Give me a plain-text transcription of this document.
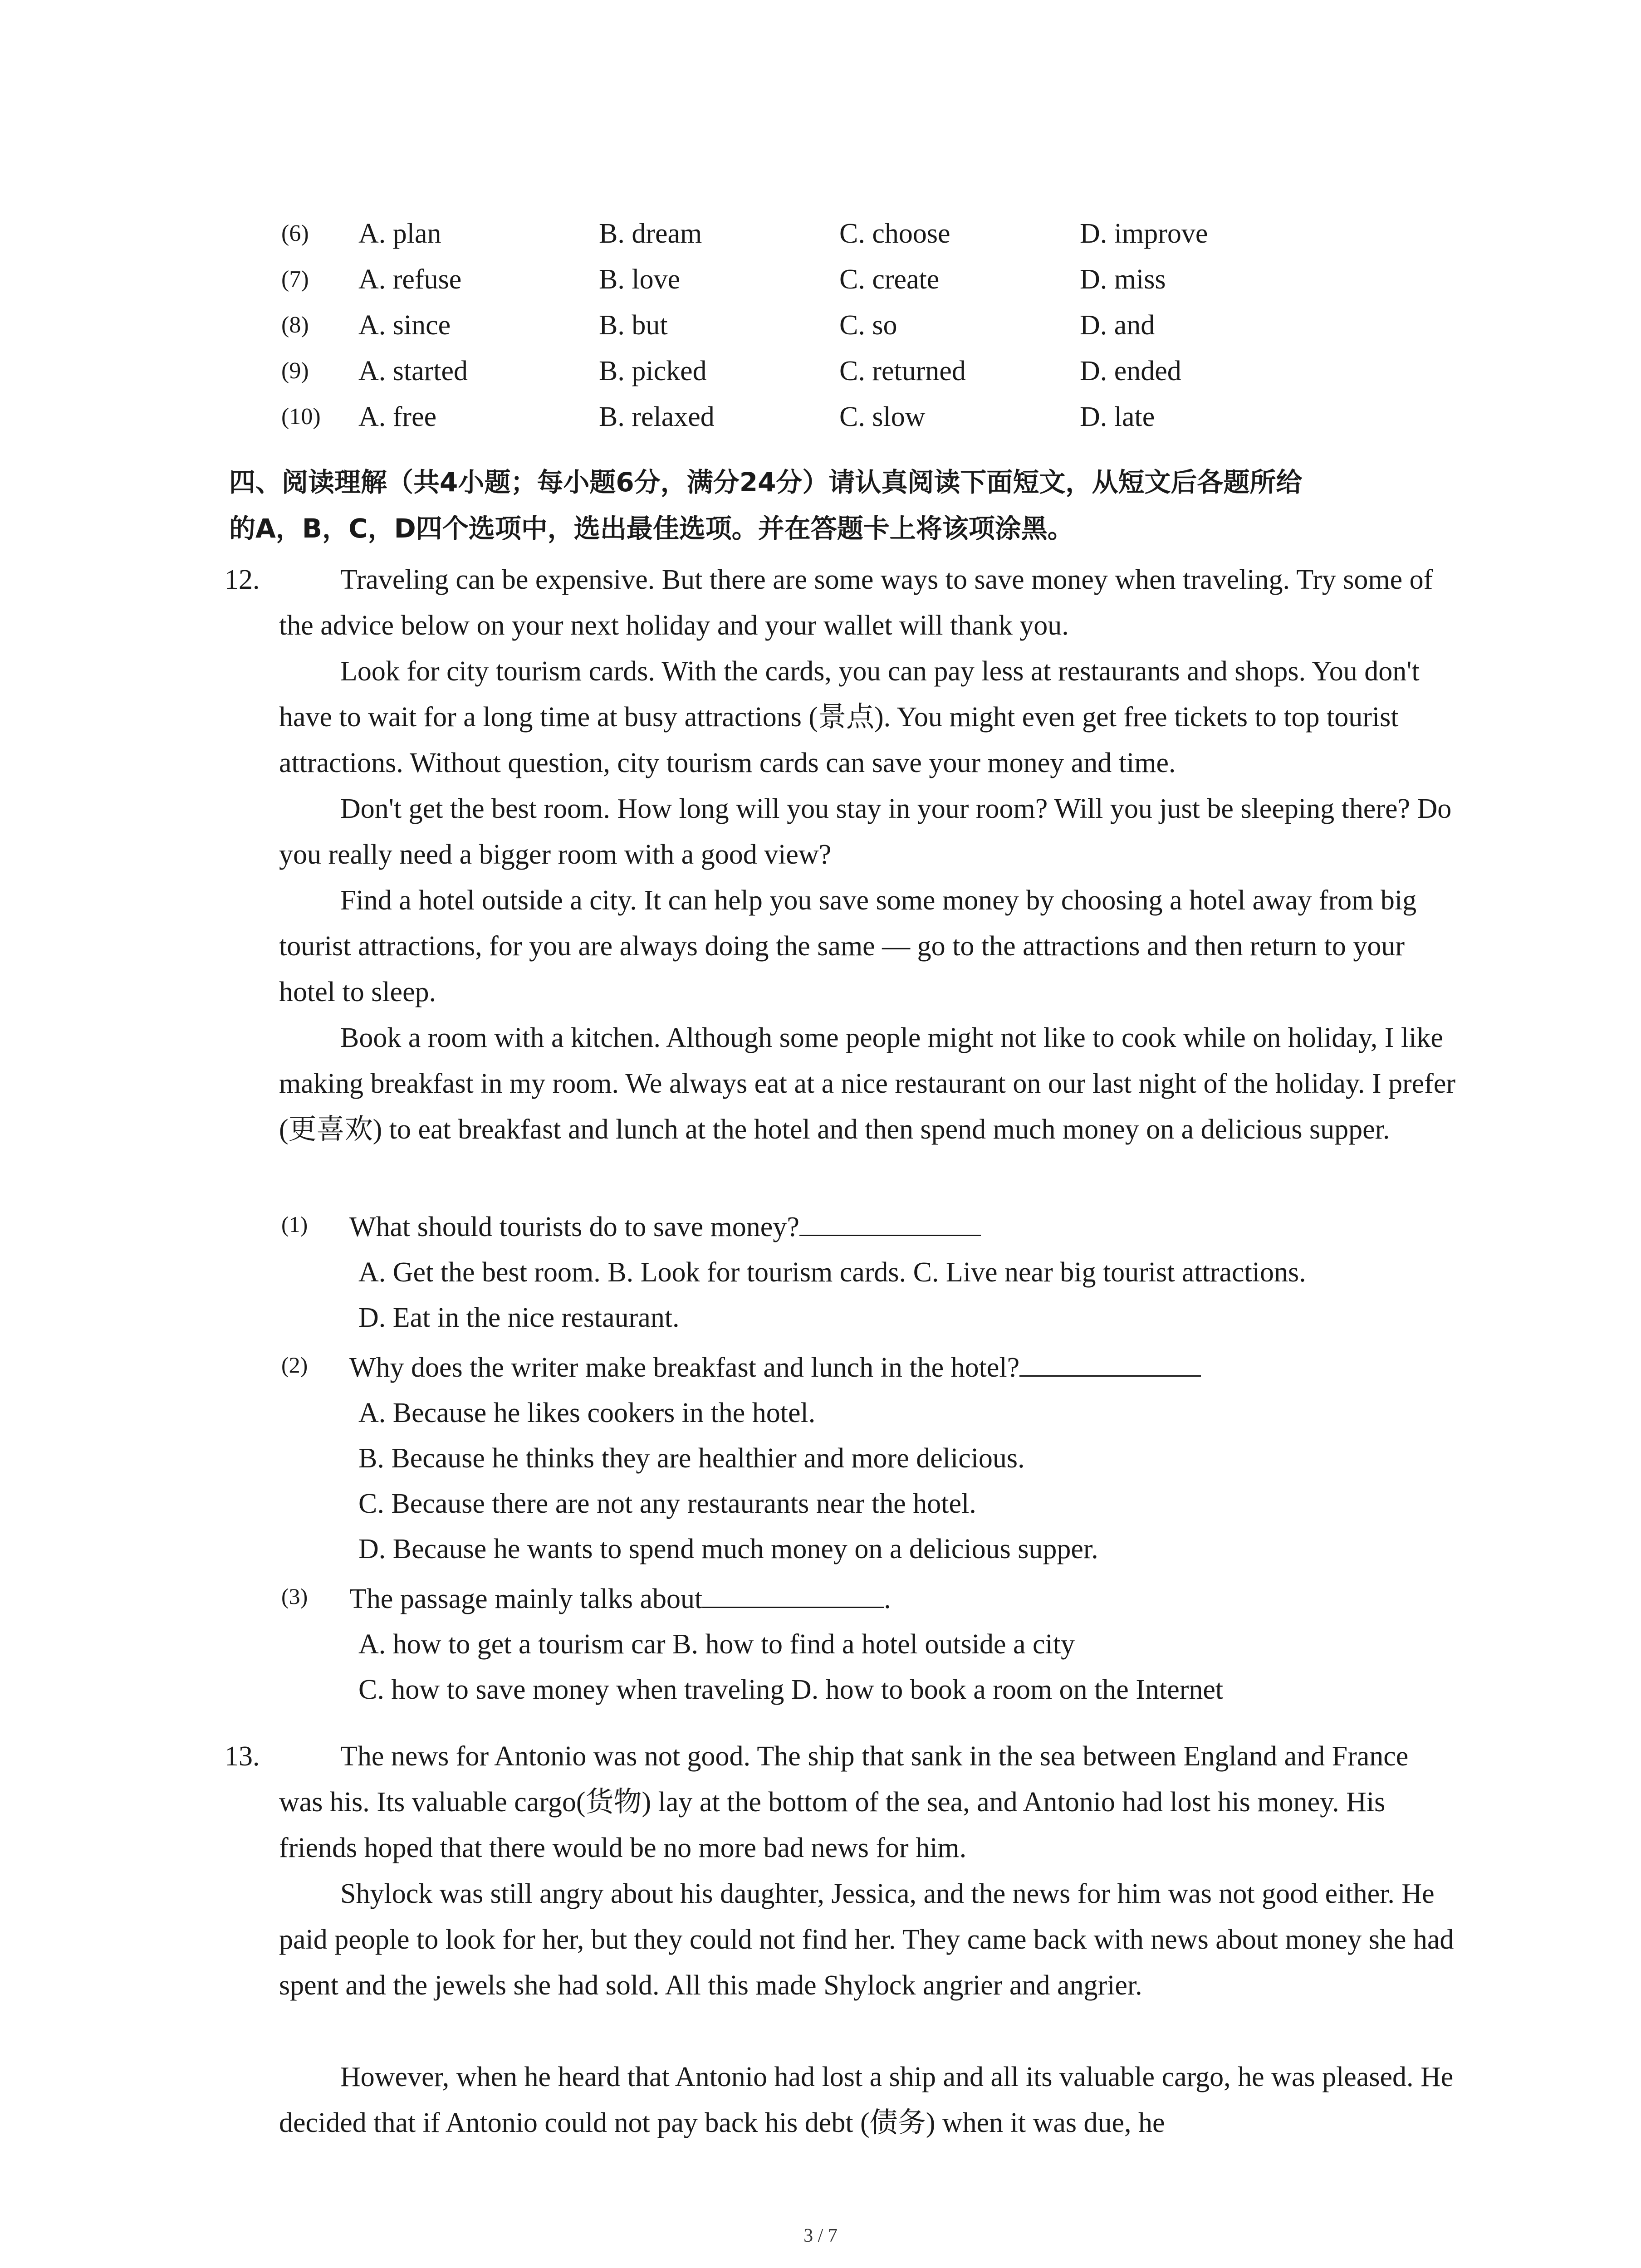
(6) A. plan	B. dream	C. choose	D. improve
(7) A. refuse	B. love	C. create	D. miss
(8) A. since	B. but	C. so	D. and
(9) A. started	B. picked	C. returned	D. ended
(10) A. free	B. relaxed	C. slow	D. late
四、阅读理解（共4小题；每小题6分，满分24分）请认真阅读下面短文，从短文后各题所给
的A，B，C，D四个选项中，选出最佳选项。并在答题卡上将该项涂黑。
12.	Traveling can be expensive. But there are some ways to save money when traveling. Try some of the advice below on your next holiday and your wallet will thank you.
Look for city tourism cards. With the cards, you can pay less at restaurants and shops. You don't have to wait for a long time at busy attractions (景点). You might even get free tickets to top tourist attractions. Without question, city tourism cards can save your money and time.
Don't get the best room. How long will you stay in your room? Will you just be sleeping there? Do you really need a bigger room with a good view?
Find a hotel outside a city. It can help you save some money by choosing a hotel away from big tourist attractions, for you are always doing the same — go to the attractions and then return to your hotel to sleep.
Book a room with a kitchen. Although some people might not like to cook while on holiday, I like making breakfast in my room. We always eat at a nice restaurant on our last night of the holiday. I prefer (更喜欢) to eat breakfast and lunch at the hotel and then spend much money on a delicious supper.
(1) What should tourists do to save money?
A. Get the best room. B. Look for tourism cards. C. Live near big tourist attractions.
D. Eat in the nice restaurant.
(2) Why does the writer make breakfast and lunch in the hotel?
A. Because he likes cookers in the hotel.
B. Because he thinks they are healthier and more delicious.
C. Because there are not any restaurants near the hotel.
D. Because he wants to spend much money on a delicious supper.
(3) The passage mainly talks about	.
A. how to get a tourism car B. how to find a hotel outside a city
C. how to save money when traveling D. how to book a room on the Internet
13.	The news for Antonio was not good. The ship that sank in the sea between England and France was his. Its valuable cargo(货物) lay at the bottom of the sea, and Antonio had lost his money. His friends hoped that there would be no more bad news for him.
Shylock was still angry about his daughter, Jessica, and the news for him was not good either. He paid people to look for her, but they could not find her. They came back with news about money she had spent and the jewels she had sold. All this made Shylock angrier and angrier.
However, when he heard that Antonio had lost a ship and all its valuable cargo, he was pleased. He decided that if Antonio could not pay back his debt (债务) when it was due, he
3 / 7
